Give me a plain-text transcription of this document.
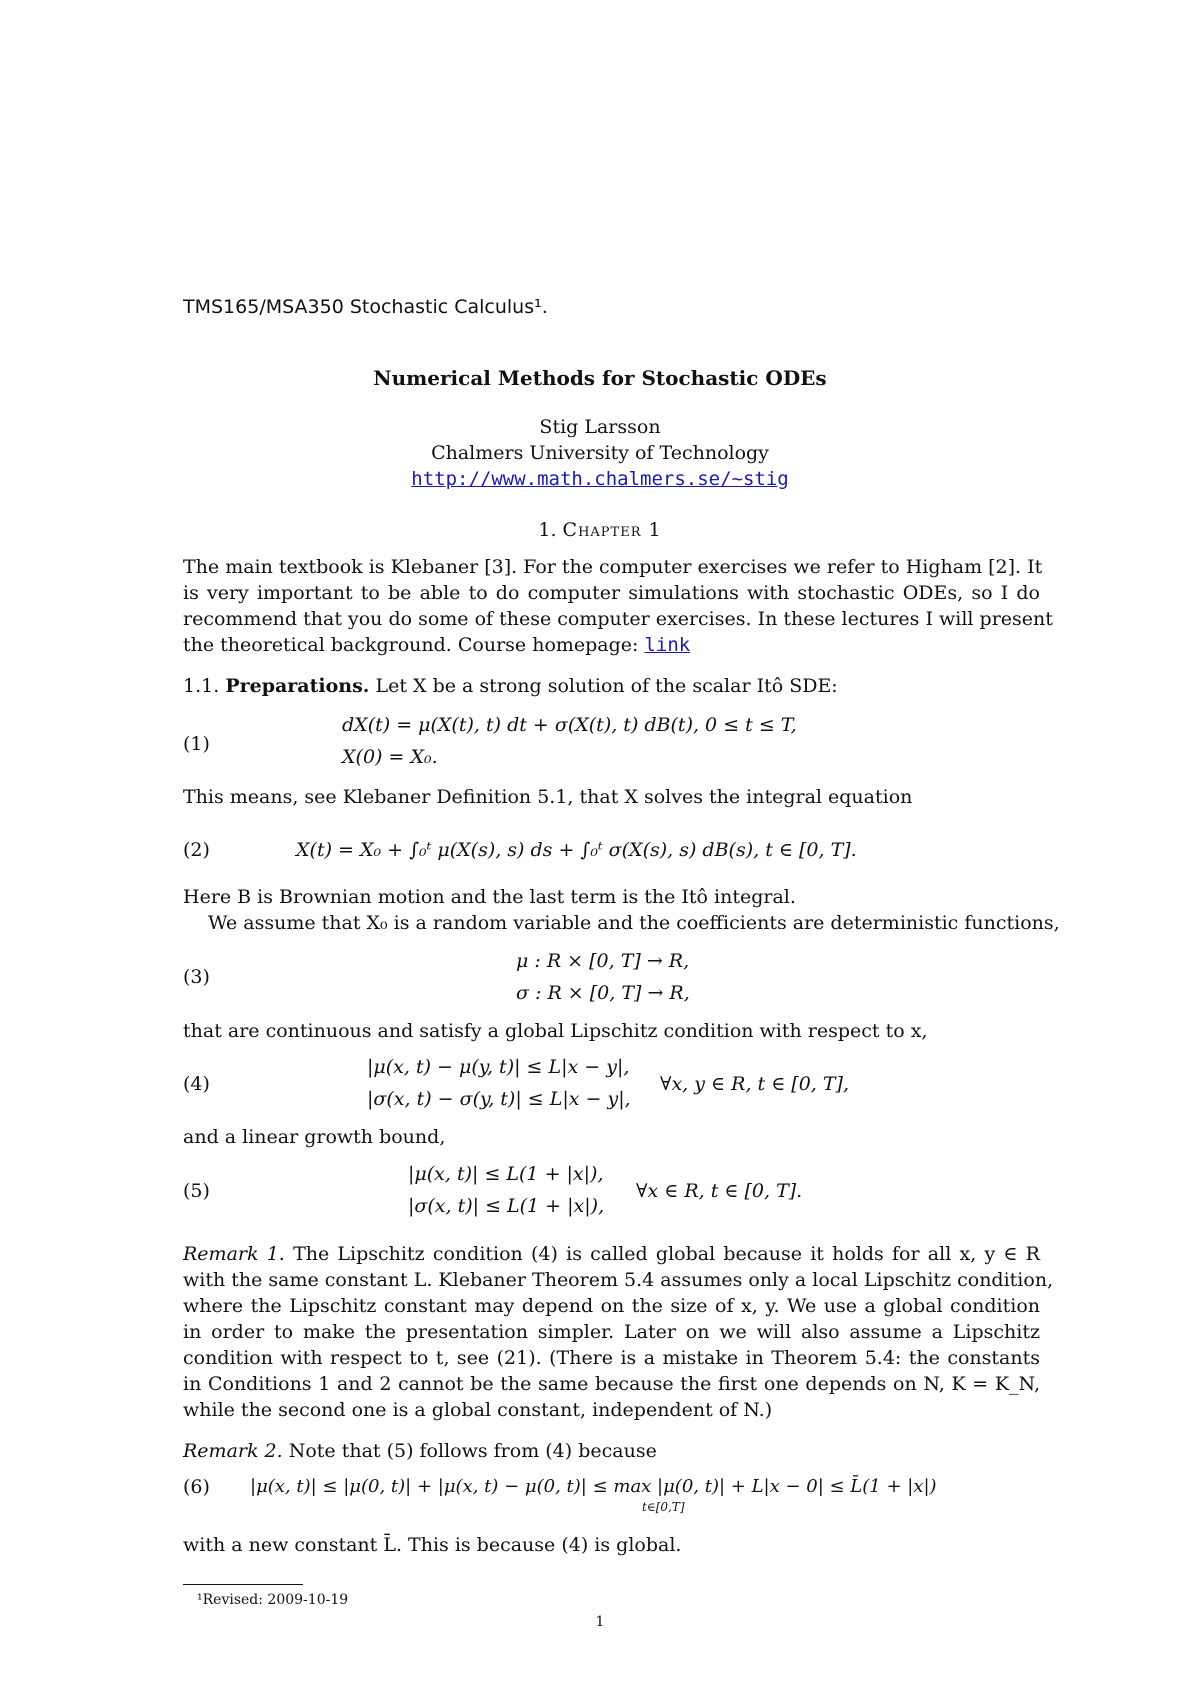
TMS165/MSA350 Stochastic Calculus¹.
Numerical Methods for Stochastic ODEs
Stig Larsson
Chalmers University of Technology
http://www.math.chalmers.se/~stig
1. Chapter 1
The main textbook is Klebaner [3]. For the computer exercises we refer to Higham [2]. It
is very important to be able to do computer simulations with stochastic ODEs, so I do
recommend that you do some of these computer exercises. In these lectures I will present
the theoretical background. Course homepage: link
1.1. Preparations. Let X be a strong solution of the scalar Itô SDE:
(1)
dX(t) = μ(X(t), t) dt + σ(X(t), t) dB(t), 0 ≤ t ≤ T,
X(0) = X₀.
This means, see Klebaner Definition 5.1, that X solves the integral equation
(2)	X(t) = X₀ + ∫₀ᵗ μ(X(s), s) ds + ∫₀ᵗ σ(X(s), s) dB(s), t ∈ [0, T].
Here B is Brownian motion and the last term is the Itô integral.
We assume that X₀ is a random variable and the coefficients are deterministic functions,
(3)
μ : R × [0, T] → R,
σ : R × [0, T] → R,
that are continuous and satisfy a global Lipschitz condition with respect to x,
(4)
|μ(x, t) − μ(y, t)| ≤ L|x − y|,
|σ(x, t) − σ(y, t)| ≤ L|x − y|,
∀x, y ∈ R, t ∈ [0, T],
and a linear growth bound,
(5)
|μ(x, t)| ≤ L(1 + |x|),
|σ(x, t)| ≤ L(1 + |x|),
∀x ∈ R, t ∈ [0, T].
Remark 1. The Lipschitz condition (4) is called global because it holds for all x, y ∈ R
with the same constant L. Klebaner Theorem 5.4 assumes only a local Lipschitz condition,
where the Lipschitz constant may depend on the size of x, y. We use a global condition
in order to make the presentation simpler. Later on we will also assume a Lipschitz
condition with respect to t, see (21). (There is a mistake in Theorem 5.4: the constants
in Conditions 1 and 2 cannot be the same because the first one depends on N, K = K_N,
while the second one is a global constant, independent of N.)
Remark 2. Note that (5) follows from (4) because
(6) |μ(x, t)| ≤ |μ(0, t)| + |μ(x, t) − μ(0, t)| ≤ max |μ(0, t)| + L|x − 0| ≤ L̄(1 + |x|)
t∈[0,T]
with a new constant L̄. This is because (4) is global.
¹Revised: 2009-10-19
1
